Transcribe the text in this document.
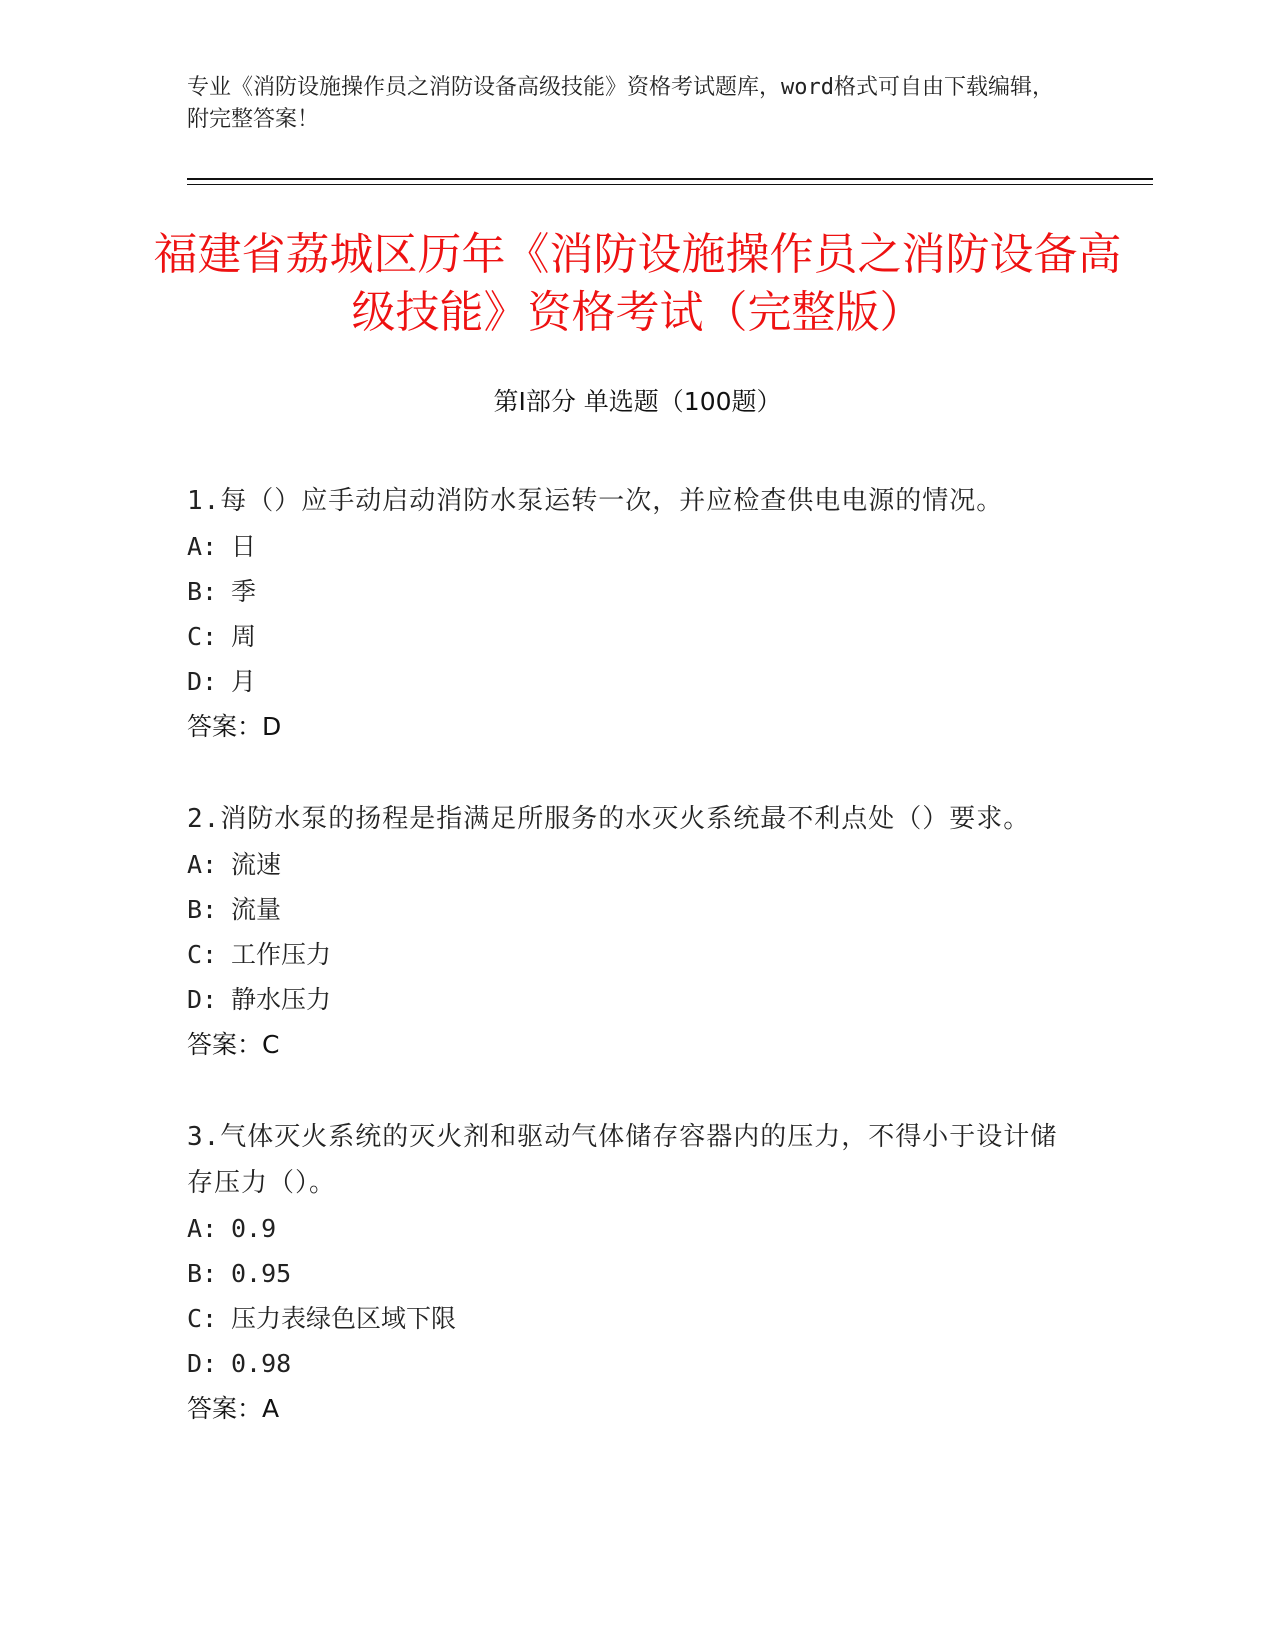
专业《消防设施操作员之消防设备高级技能》资格考试题库，word格式可自由下载编辑，附完整答案！
福建省荔城区历年《消防设施操作员之消防设备高级技能》资格考试（完整版）
第Ⅰ部分 单选题（100题）
1.每（）应手动启动消防水泵运转一次，并应检查供电电源的情况。
A: 日
B: 季
C: 周
D: 月
答案：D
2.消防水泵的扬程是指满足所服务的水灭火系统最不利点处（）要求。
A: 流速
B: 流量
C: 工作压力
D: 静水压力
答案：C
3.气体灭火系统的灭火剂和驱动气体储存容器内的压力，不得小于设计储存压力（）。
A: 0.9
B: 0.95
C: 压力表绿色区域下限
D: 0.98
答案：A
